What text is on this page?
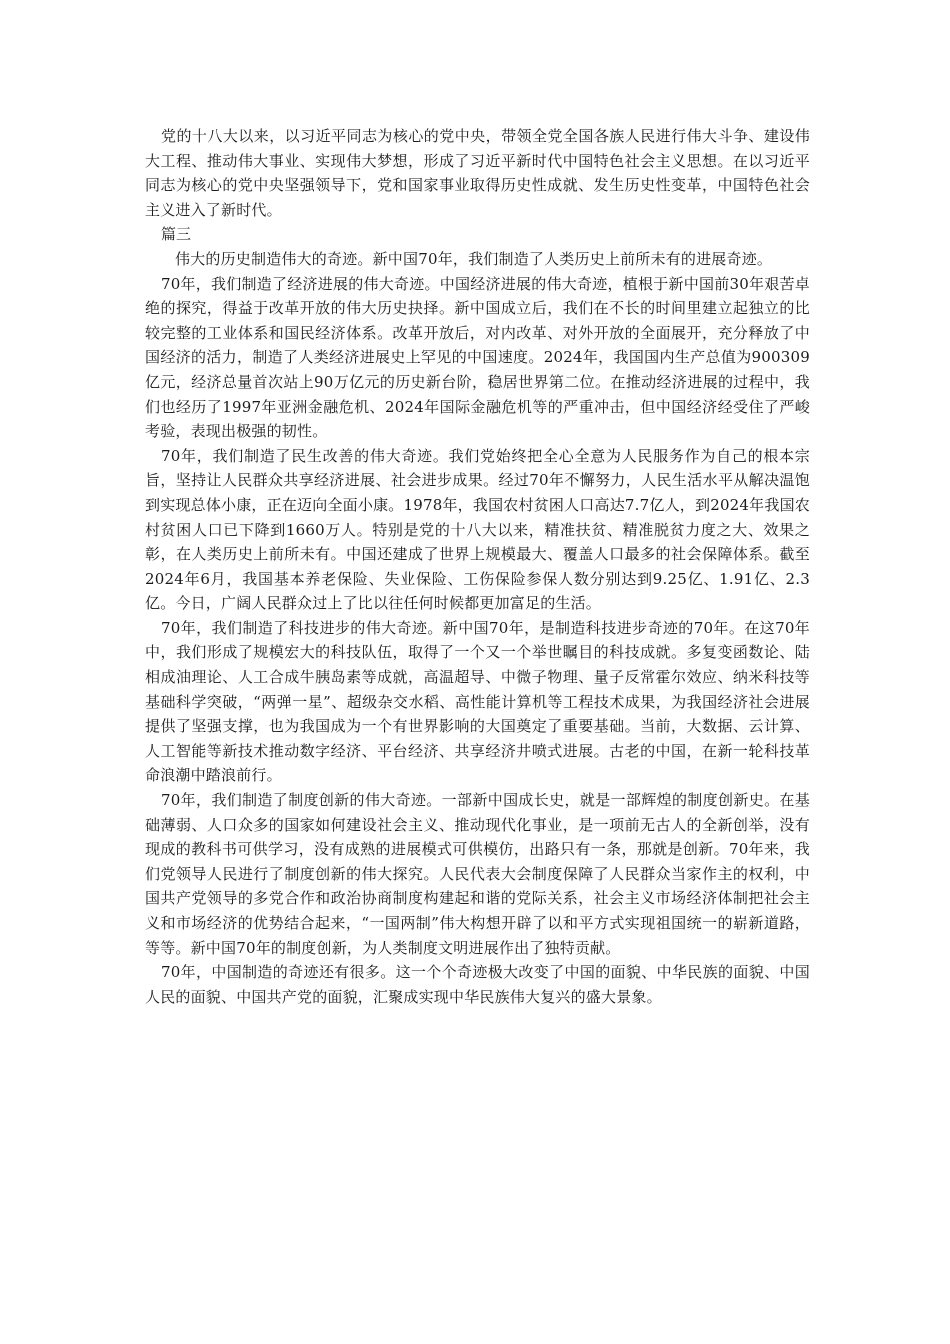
党的十八大以来，以习近平同志为核心的党中央，带领全党全国各族人民进行伟大斗争、建设伟大工程、推动伟大事业、实现伟大梦想，形成了习近平新时代中国特色社会主义思想。在以习近平同志为核心的党中央坚强领导下，党和国家事业取得历史性成就、发生历史性变革，中国特色社会主义进入了新时代。

篇三

伟大的历史制造伟大的奇迹。新中国70年，我们制造了人类历史上前所未有的进展奇迹。

70年，我们制造了经济进展的伟大奇迹。中国经济进展的伟大奇迹，植根于新中国前30年艰苦卓绝的探究，得益于改革开放的伟大历史抉择。新中国成立后，我们在不长的时间里建立起独立的比较完整的工业体系和国民经济体系。改革开放后，对内改革、对外开放的全面展开，充分释放了中国经济的活力，制造了人类经济进展史上罕见的中国速度。2024年，我国国内生产总值为900309亿元，经济总量首次站上90万亿元的历史新台阶，稳居世界第二位。在推动经济进展的过程中，我们也经历了1997年亚洲金融危机、2024年国际金融危机等的严重冲击，但中国经济经受住了严峻考验，表现出极强的韧性。

70年，我们制造了民生改善的伟大奇迹。我们党始终把全心全意为人民服务作为自己的根本宗旨，坚持让人民群众共享经济进展、社会进步成果。经过70年不懈努力，人民生活水平从解决温饱到实现总体小康，正在迈向全面小康。1978年，我国农村贫困人口高达7.7亿人，到2024年我国农村贫困人口已下降到1660万人。特别是党的十八大以来，精准扶贫、精准脱贫力度之大、效果之彰，在人类历史上前所未有。中国还建成了世界上规模最大、覆盖人口最多的社会保障体系。截至2024年6月，我国基本养老保险、失业保险、工伤保险参保人数分别达到9.25亿、1.91亿、2.3亿。今日，广阔人民群众过上了比以往任何时候都更加富足的生活。

70年，我们制造了科技进步的伟大奇迹。新中国70年，是制造科技进步奇迹的70年。在这70年中，我们形成了规模宏大的科技队伍，取得了一个又一个举世瞩目的科技成就。多复变函数论、陆相成油理论、人工合成牛胰岛素等成就，高温超导、中微子物理、量子反常霍尔效应、纳米科技等基础科学突破，“两弹一星”、超级杂交水稻、高性能计算机等工程技术成果，为我国经济社会进展提供了坚强支撑，也为我国成为一个有世界影响的大国奠定了重要基础。当前，大数据、云计算、人工智能等新技术推动数字经济、平台经济、共享经济井喷式进展。古老的中国，在新一轮科技革命浪潮中踏浪前行。

70年，我们制造了制度创新的伟大奇迹。一部新中国成长史，就是一部辉煌的制度创新史。在基础薄弱、人口众多的国家如何建设社会主义、推动现代化事业，是一项前无古人的全新创举，没有现成的教科书可供学习，没有成熟的进展模式可供模仿，出路只有一条，那就是创新。70年来，我们党领导人民进行了制度创新的伟大探究。人民代表大会制度保障了人民群众当家作主的权利，中国共产党领导的多党合作和政治协商制度构建起和谐的党际关系，社会主义市场经济体制把社会主义和市场经济的优势结合起来，“一国两制”伟大构想开辟了以和平方式实现祖国统一的崭新道路，等等。新中国70年的制度创新，为人类制度文明进展作出了独特贡献。

70年，中国制造的奇迹还有很多。这一个个奇迹极大改变了中国的面貌、中华民族的面貌、中国人民的面貌、中国共产党的面貌，汇聚成实现中华民族伟大复兴的盛大景象。
